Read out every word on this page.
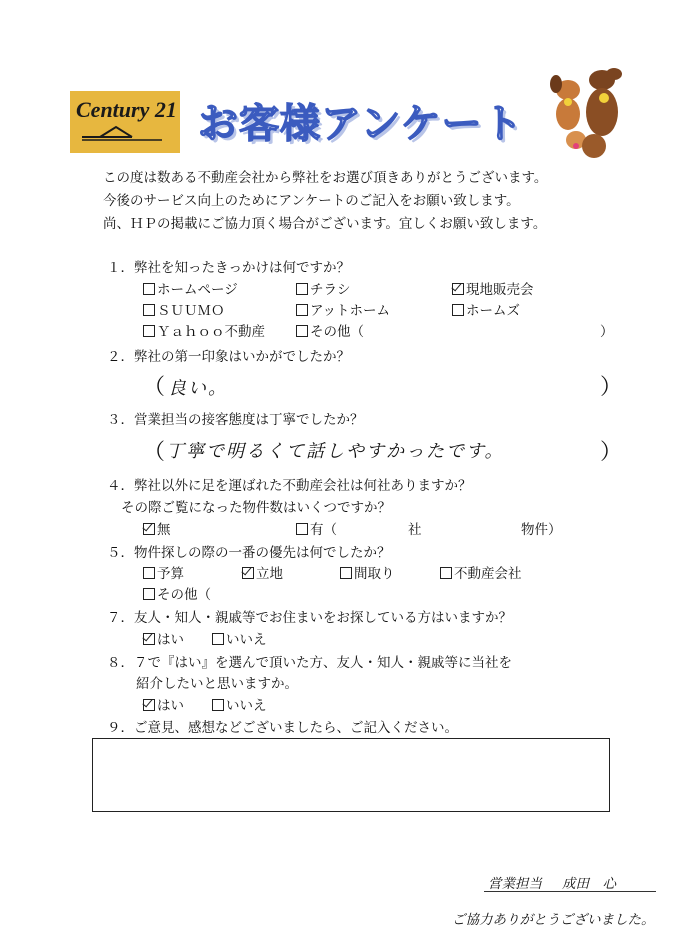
Century 21 お客様アンケート
この度は数ある不動産会社から弊社をお選び頂きありがとうございます。
今後のサービス向上のためにアンケートのご記入をお願い致します。
尚、ＨＰの掲載にご協力頂く場合がございます。宜しくお願い致します。
１．弊社を知ったきっかけは何ですか？
ホームページ	チラシ	現地販売会
ＳＵＵＭＯ	アットホーム	ホームズ
Ｙａｈｏｏ不動産	その他（	）
２．弊社の第一印象はいかがでしたか？
（ 良い。	）
３．営業担当の接客態度は丁寧でしたか？
（ 丁寧で明るくて話しやすかったです。	）
４．弊社以外に足を運ばれた不動産会社は何社ありますか？
その際ご覧になった物件数はいくつですか？
無	有（	社	物件）
５．物件探しの際の一番の優先は何でしたか？
予算	立地	間取り	不動産会社
その他（
７．友人・知人・親戚等でお住まいをお探している方はいますか？
はい	いいえ
８．７で『はい』を選んで頂いた方、友人・知人・親戚等に当社を
紹介したいと思いますか。
はい	いいえ
９．ご意見、感想などございましたら、ご記入ください。
営業担当 成田　心
ご協力ありがとうございました。
